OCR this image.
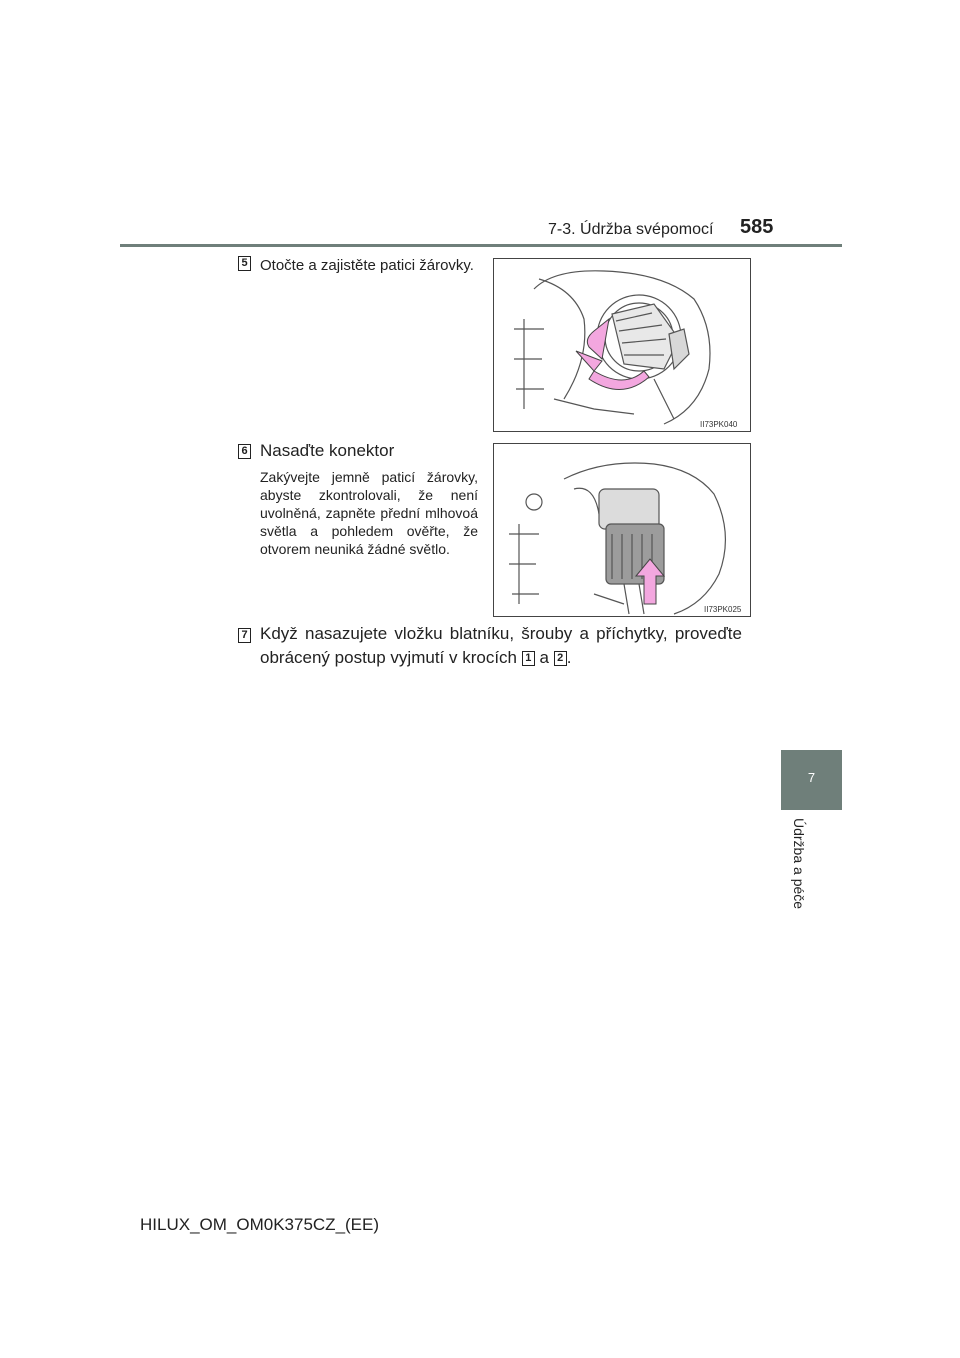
7-3. Údržba svépomocí 585
7
Údržba a péče
5 Otočte a zajistěte patici žárovky.
II73PK040
6 Nasaďte konektor
Zakývejte jemně paticí žárovky, abyste zkontrolovali, že není uvolněná, zapněte přední mlhovoá světla a pohledem ověřte, že otvorem neuniká žádné světlo.
II73PK025
7 Když nasazujete vložku blatníku, šrouby a příchytky, proveďte obrácený postup vyjmutí v krocích 1 a 2 .
HILUX_OM_OM0K375CZ_(EE)
